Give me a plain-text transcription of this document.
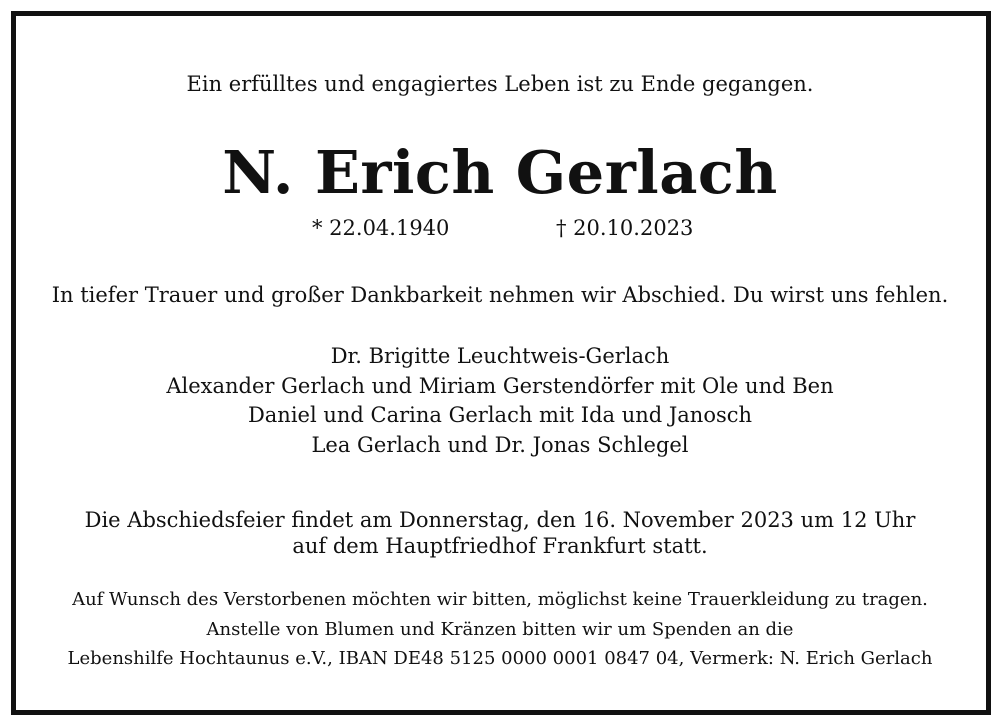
Ein erfülltes und engagiertes Leben ist zu Ende gegangen.
N. Erich Gerlach
* 22.04.1940	† 20.10.2023
In tiefer Trauer und großer Dankbarkeit nehmen wir Abschied. Du wirst uns fehlen.
Dr. Brigitte Leuchtweis-Gerlach
Alexander Gerlach und Miriam Gerstendörfer mit Ole und Ben
Daniel und Carina Gerlach mit Ida und Janosch
Lea Gerlach und Dr. Jonas Schlegel
Die Abschiedsfeier findet am Donnerstag, den 16. November 2023 um 12 Uhr
auf dem Hauptfriedhof Frankfurt statt.
Auf Wunsch des Verstorbenen möchten wir bitten, möglichst keine Trauerkleidung zu tragen.
Anstelle von Blumen und Kränzen bitten wir um Spenden an die
Lebenshilfe Hochtaunus e.V., IBAN DE48 5125 0000 0001 0847 04, Vermerk: N. Erich Gerlach
